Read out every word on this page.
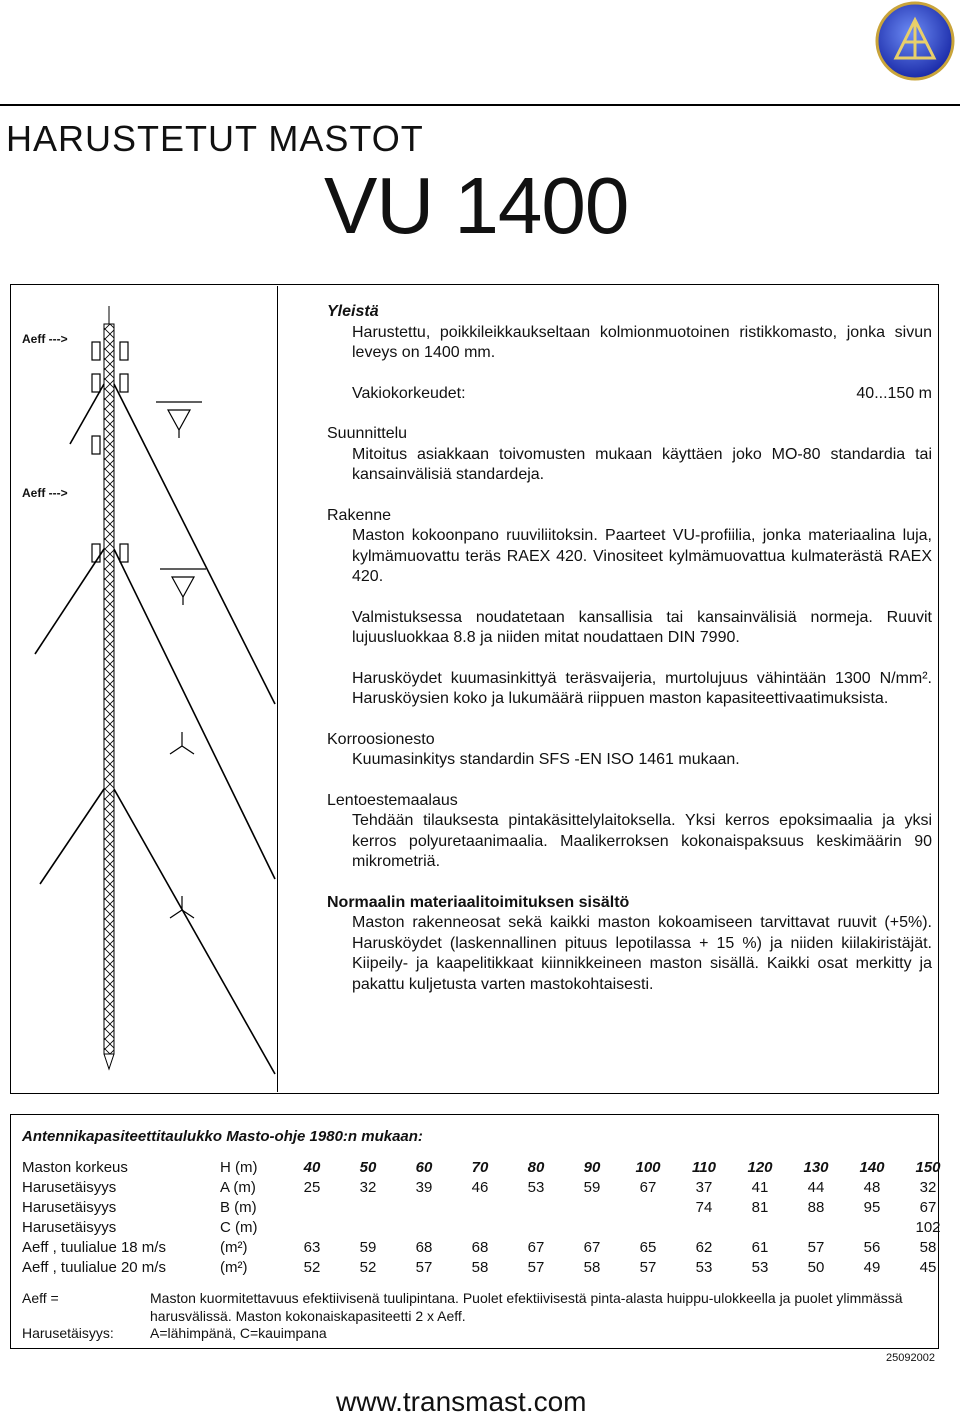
HARUSTETUT MASTOT
VU 1400
Aeff --->
Aeff --->
Yleistä
Harustettu, poikkileikkaukseltaan kolmionmuotoinen ristikkomasto, jonka sivun leveys on 1400 mm.
Vakiokorkeudet:	40...150 m
Suunnittelu
Mitoitus asiakkaan toivomusten mukaan käyttäen joko MO-80 standardia tai kansainvälisiä standardeja.
Rakenne
Maston kokoonpano ruuviliitoksin. Paarteet VU-profiilia, jonka materiaalina luja, kylmämuovattu teräs RAEX 420. Vinositeet kylmämuovattua kulmaterästä RAEX 420.
Valmistuksessa noudatetaan kansallisia tai kansainvälisiä normeja. Ruuvit lujuusluokkaa 8.8 ja niiden mitat noudattaen DIN 7990.
Harusköydet kuumasinkittyä teräsvaijeria, murtolujuus vähintään 1300 N/mm². Harusköysien koko ja lukumäärä riippuen maston kapasiteettivaatimuksista.
Korroosionesto
Kuumasinkitys standardin SFS -EN ISO 1461 mukaan.
Lentoestemaalaus
Tehdään tilauksesta pintakäsittelylaitoksella. Yksi kerros epoksimaalia ja yksi kerros polyuretaanimaalia. Maalikerroksen kokonaispaksuus keskimäärin 90 mikrometriä.
Normaalin materiaalitoimituksen sisältö
Maston rakenneosat sekä kaikki maston kokoamiseen tarvittavat ruuvit (+5%). Harusköydet (laskennallinen pituus lepotilassa + 15 %) ja niiden kiilakiristäjät. Kiipeily- ja kaapelitikkaat kiinnikkeineen maston sisällä. Kaikki osat merkitty ja pakattu kuljetusta varten mastokohtaisesti.
Antennikapasiteettitaulukko Masto-ohje 1980:n mukaan:
Maston korkeus	H (m)	40	50	60	70	80	90	100	110	120	130	140	150
Harusetäisyys	A (m)	25	32	39	46	53	59	67	37	41	44	48	32
Harusetäisyys	B (m)								74	81	88	95	67
Harusetäisyys	C (m)												102
Aeff , tuulialue 18 m/s	(m²)	63	59	68	68	67	67	65	62	61	57	56	58
Aeff , tuulialue 20 m/s	(m²)	52	52	57	58	57	58	57	53	53	50	49	45
Aeff =	Maston kuormitettavuus efektiivisenä tuulipintana. Puolet efektiivisestä pinta-alasta huippu-ulokkeella ja puolet ylimmässä harusvälissä. Maston kokonaiskapasiteetti 2 x Aeff.
Harusetäisyys:	A=lähimpänä, C=kauimpana
25092002
www.transmast.com
